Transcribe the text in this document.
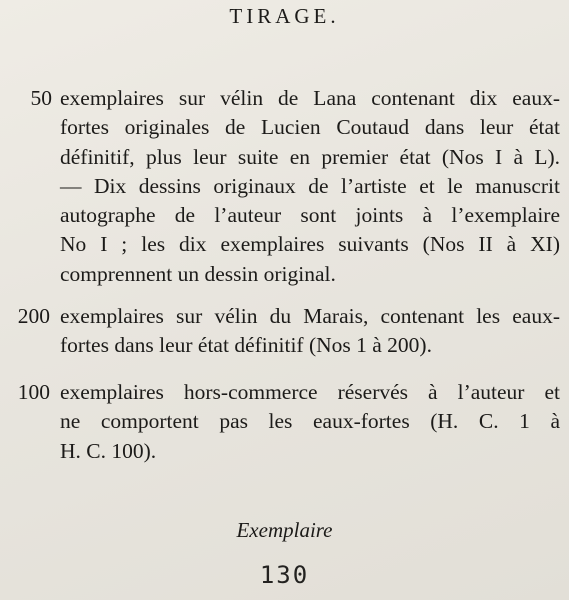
TIRAGE.
50 exemplaires sur vélin de Lana contenant dix eaux-
fortes originales de Lucien Coutaud dans leur état
définitif, plus leur suite en premier état (Nos I à L).
— Dix dessins originaux de l’artiste et le manuscrit
autographe de l’auteur sont joints à l’exemplaire
No I ; les dix exemplaires suivants (Nos II à XI)
comprennent un dessin original.
200 exemplaires sur vélin du Marais, contenant les eaux-
fortes dans leur état définitif (Nos 1 à 200).
100 exemplaires hors-commerce réservés à l’auteur et
ne comportent pas les eaux-fortes (H. C. 1 à
H. C. 100).
Exemplaire
130
